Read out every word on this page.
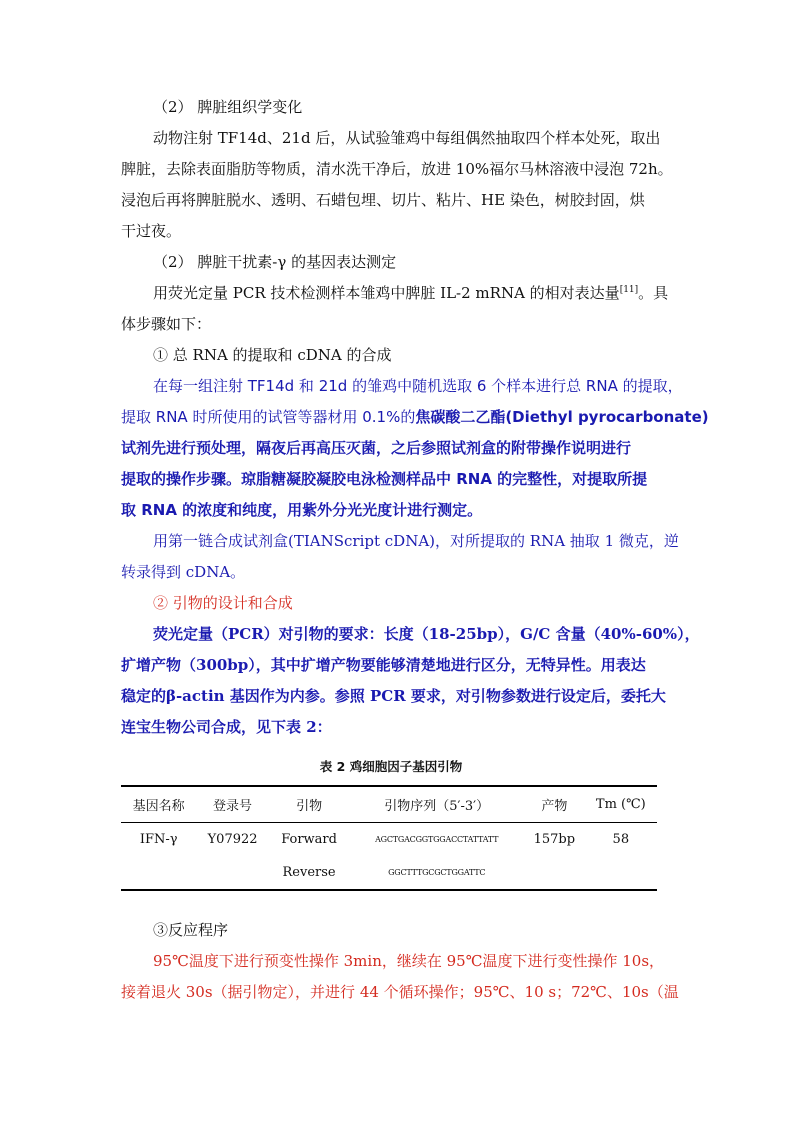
（2） 脾脏组织学变化
动物注射 TF14d、21d 后，从试验雏鸡中每组偶然抽取四个样本处死，取出
脾脏，去除表面脂肪等物质，清水洗干净后，放进 10%福尔马林溶液中浸泡 72h。
浸泡后再将脾脏脱水、透明、石蜡包埋、切片、粘片、HE 染色，树胶封固，烘
干过夜。
（2） 脾脏干扰素-γ 的基因表达测定
用荧光定量 PCR 技术检测样本雏鸡中脾脏 IL-2 mRNA 的相对表达量[11]。具
体步骤如下：
① 总 RNA 的提取和 cDNA 的合成
在每一组注射 TF14d 和 21d 的雏鸡中随机选取 6 个样本进行总 RNA 的提取，
提取 RNA 时所使用的试管等器材用 0.1%的焦碳酸二乙酯(Diethyl pyrocarbonate)
试剂先进行预处理，隔夜后再高压灭菌，之后参照试剂盒的附带操作说明进行
提取的操作步骤。琼脂糖凝胶凝胶电泳检测样品中 RNA 的完整性，对提取所提
取 RNA 的浓度和纯度，用紫外分光光度计进行测定。
用第一链合成试剂盒(TIANScript cDNA)，对所提取的 RNA 抽取 1 微克，逆
转录得到 cDNA。
② 引物的设计和合成
荧光定量（PCR）对引物的要求：长度（18-25bp），G/C 含量（40%-60%），
扩增产物（300bp），其中扩增产物要能够清楚地进行区分，无特异性。用表达
稳定的β-actin 基因作为内参。参照 PCR 要求，对引物参数进行设定后，委托大
连宝生物公司合成，见下表 2：
表 2 鸡细胞因子基因引物
基因名称	登录号	引物	引物序列（5′-3′）	产物	Tm (℃)
IFN-γ	Y07922	Forward	AGCTGACGGTGGACCTATTATT	157bp	58
		Reverse	GGCTTTGCGCTGGATTC		
③反应程序
95℃温度下进行预变性操作 3min，继续在 95℃温度下进行变性操作 10s，
接着退火 30s（据引物定），并进行 44 个循环操作；95℃、10 s；72℃、10s（温
